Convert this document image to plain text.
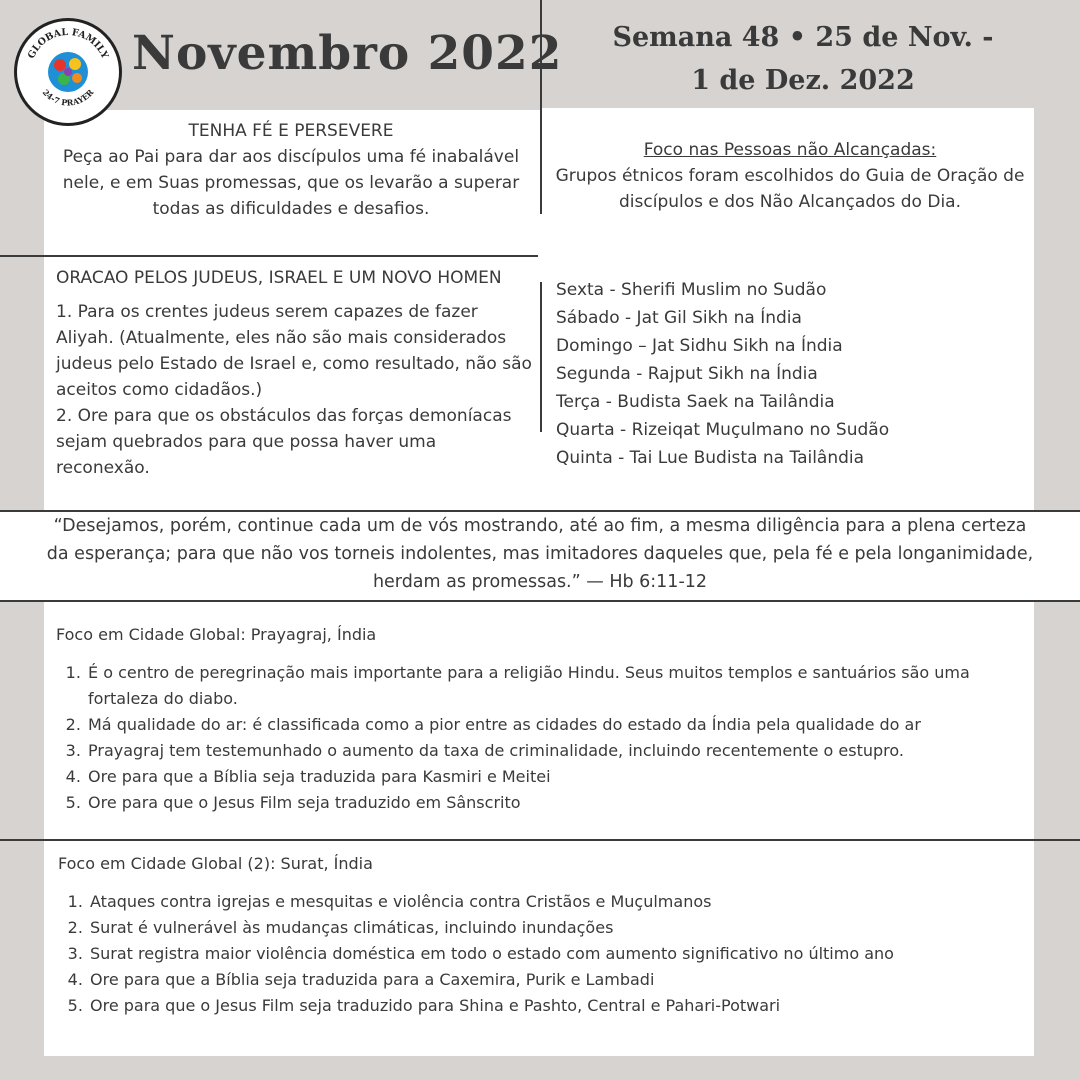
GLOBAL FAMILY
24-7 PRAYER
Novembro 2022	Semana 48 • 25 de Nov. -
1 de Dez. 2022
TENHA FÉ E PERSEVERE
Peça ao Pai para dar aos discípulos uma fé inabalável nele, e em Suas promessas, que os levarão a superar todas as dificuldades e desafios.
Foco nas Pessoas não Alcançadas:
Grupos étnicos foram escolhidos do Guia de Oração de discípulos e dos Não Alcançados do Dia.
Sexta - Sherifi Muslim no Sudão
Sábado - Jat Gil Sikh na Índia
Domingo – Jat Sidhu Sikh na Índia
Segunda - Rajput Sikh na Índia
Terça - Budista Saek na Tailândia
Quarta - Rizeiqat Muçulmano no Sudão
Quinta - Tai Lue Budista na Tailândia
ORACAO PELOS JUDEUS, ISRAEL E UM NOVO HOMEN
1. Para os crentes judeus serem capazes de fazer Aliyah. (Atualmente, eles não são mais considerados judeus pelo Estado de Israel e, como resultado, não são aceitos como cidadãos.)
2. Ore para que os obstáculos das forças demoníacas sejam quebrados para que possa haver uma reconexão.
“Desejamos, porém, continue cada um de vós mostrando, até ao fim, a mesma diligência para a plena certeza da esperança; para que não vos torneis indolentes, mas imitadores daqueles que, pela fé e pela longanimidade, herdam as promessas.” — Hb 6:11-12
Foco em Cidade Global: Prayagraj, Índia
1. É o centro de peregrinação mais importante para a religião Hindu. Seus muitos templos e santuários são uma fortaleza do diabo.
2. Má qualidade do ar: é classificada como a pior entre as cidades do estado da Índia pela qualidade do ar
3. Prayagraj tem testemunhado o aumento da taxa de criminalidade, incluindo recentemente o estupro.
4. Ore para que a Bíblia seja traduzida para Kasmiri e Meitei
5. Ore para que o Jesus Film seja traduzido em Sânscrito
Foco em Cidade Global (2): Surat, Índia
1. Ataques contra igrejas e mesquitas e violência contra Cristãos e Muçulmanos
2. Surat é vulnerável às mudanças climáticas, incluindo inundações
3. Surat registra maior violência doméstica em todo o estado com aumento significativo no último ano
4. Ore para que a Bíblia seja traduzida para a Caxemira, Purik e Lambadi
5. Ore para que o Jesus Film seja traduzido para Shina e Pashto, Central e Pahari-Potwari
